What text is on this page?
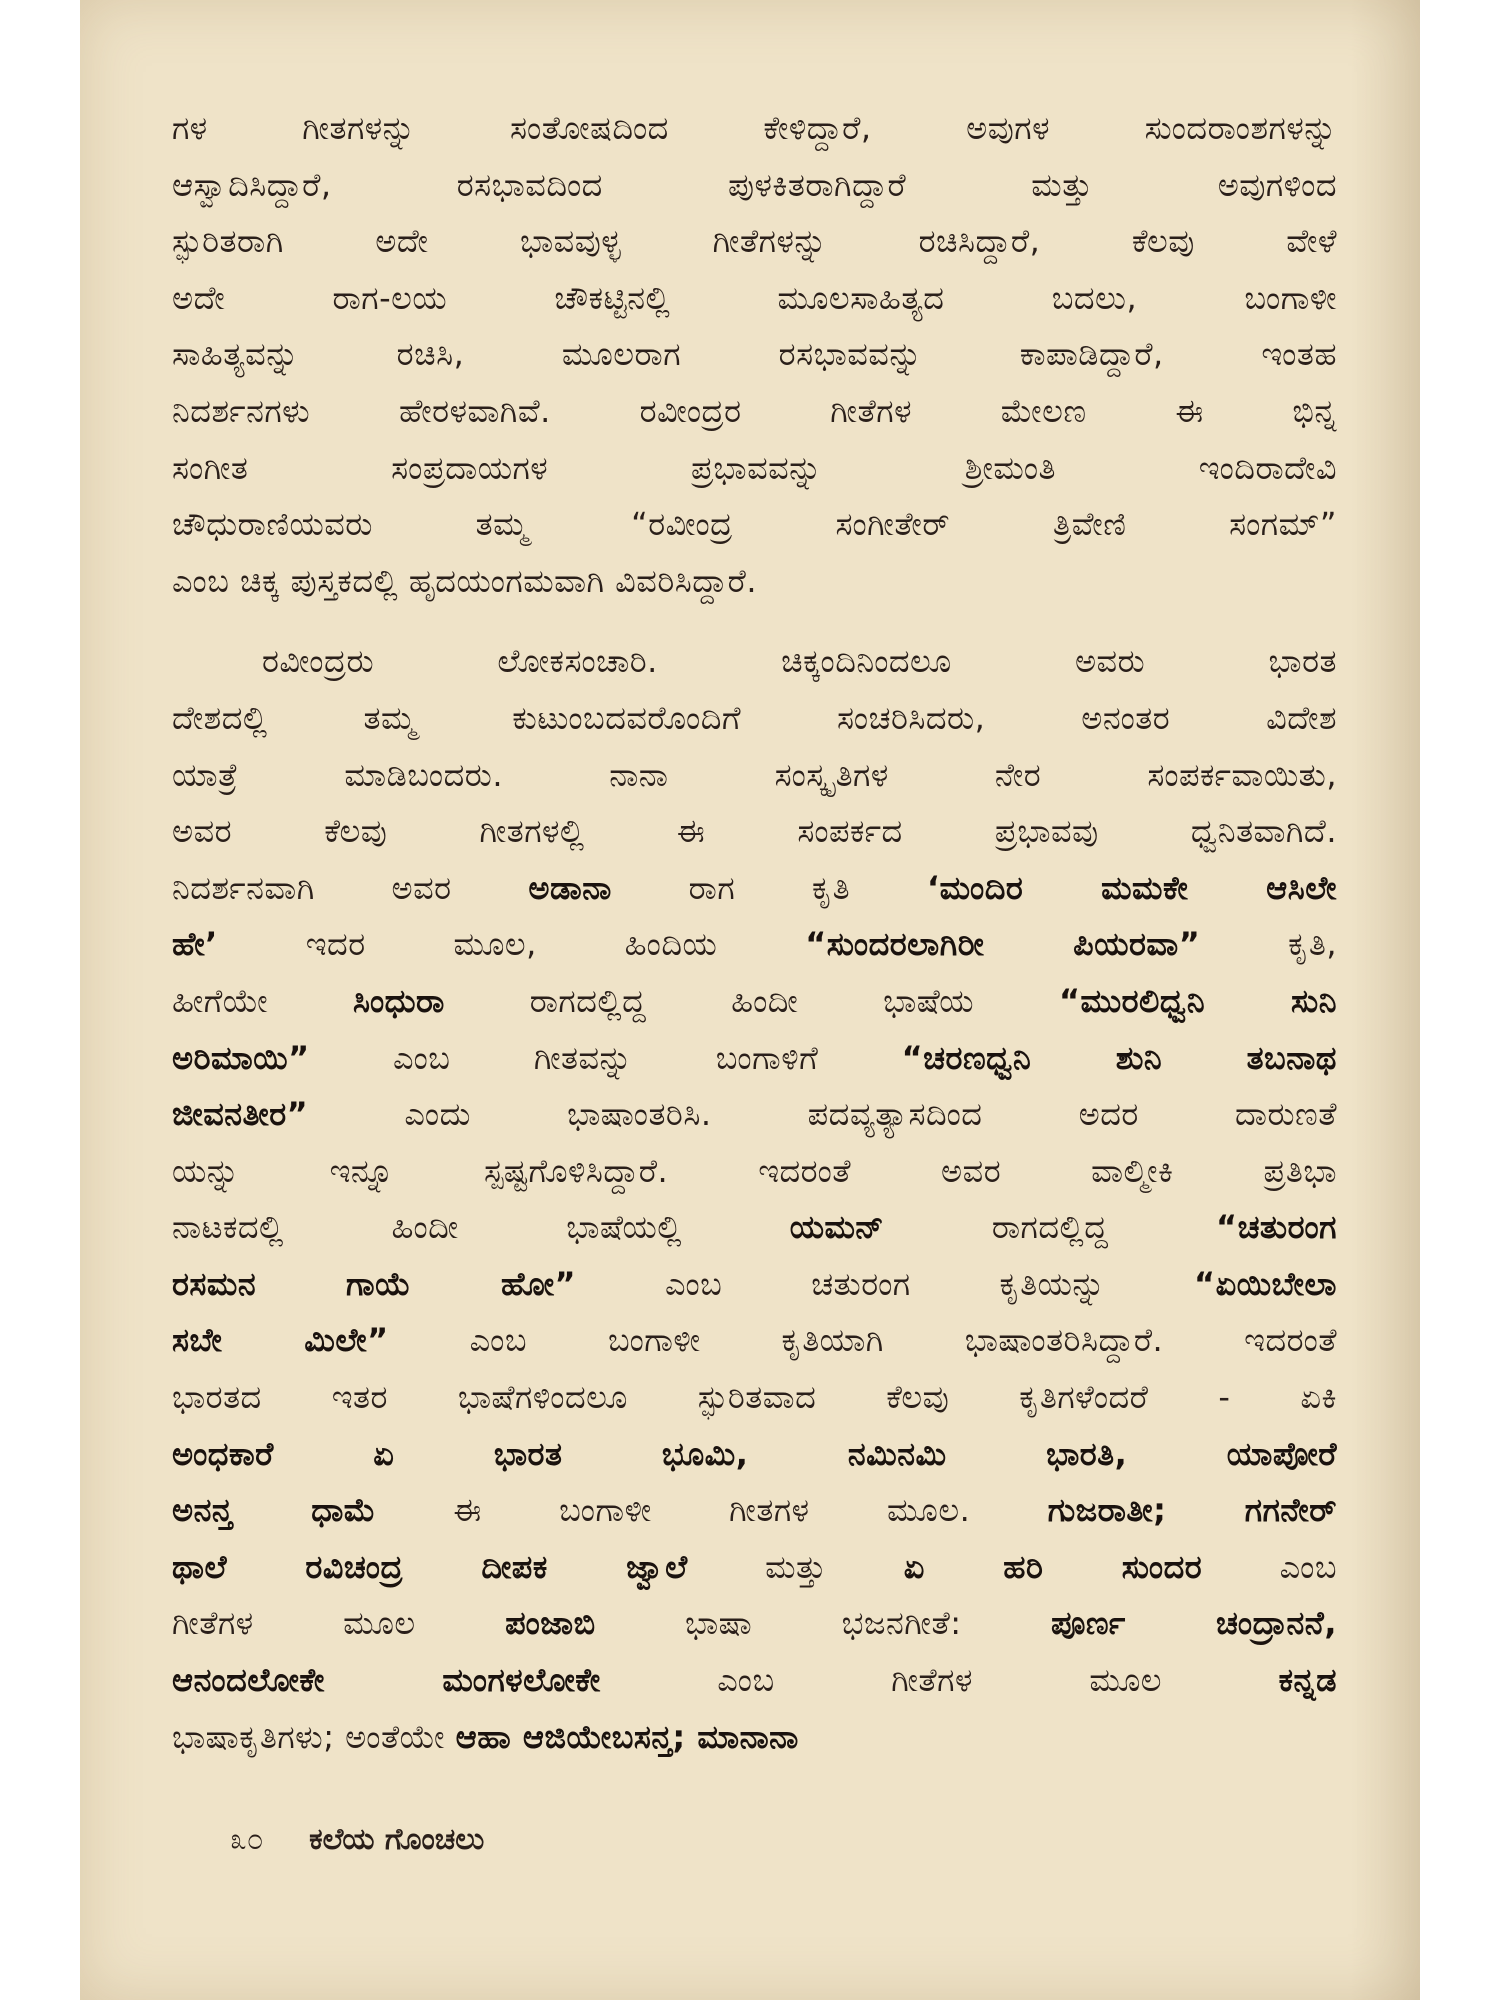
ಗಳ ಗೀತಗಳನ್ನು ಸಂತೋಷದಿಂದ ಕೇಳಿದ್ದಾರೆ, ಅವುಗಳ ಸುಂದರಾಂಶಗಳನ್ನು
ಆಸ್ವಾದಿಸಿದ್ದಾರೆ, ರಸಭಾವದಿಂದ ಪುಳಕಿತರಾಗಿದ್ದಾರೆ ಮತ್ತು ಅವುಗಳಿಂದ
ಸ್ಫುರಿತರಾಗಿ ಅದೇ ಭಾವವುಳ್ಳ ಗೀತೆಗಳನ್ನು ರಚಿಸಿದ್ದಾರೆ, ಕೆಲವು ವೇಳೆ
ಅದೇ ರಾಗ-ಲಯ ಚೌಕಟ್ಟಿನಲ್ಲಿ ಮೂಲಸಾಹಿತ್ಯದ ಬದಲು, ಬಂಗಾಳೀ
ಸಾಹಿತ್ಯವನ್ನು ರಚಿಸಿ, ಮೂಲರಾಗ ರಸಭಾವವನ್ನು ಕಾಪಾಡಿದ್ದಾರೆ, ಇಂತಹ
ನಿದರ್ಶನಗಳು ಹೇರಳವಾಗಿವೆ. ರವೀಂದ್ರರ ಗೀತೆಗಳ ಮೇಲಣ ಈ ಭಿನ್ನ
ಸಂಗೀತ ಸಂಪ್ರದಾಯಗಳ ಪ್ರಭಾವವನ್ನು ಶ್ರೀಮಂತಿ ಇಂದಿರಾದೇವಿ
ಚೌಧುರಾಣಿಯವರು ತಮ್ಮ “ರವೀಂದ್ರ ಸಂಗೀತೇರ್ ತ್ರಿವೇಣಿ ಸಂಗಮ್”
ಎಂಬ ಚಿಕ್ಕ ಪುಸ್ತಕದಲ್ಲಿ ಹೃದಯಂಗಮವಾಗಿ ವಿವರಿಸಿದ್ದಾರೆ.
ರವೀಂದ್ರರು ಲೋಕಸಂಚಾರಿ. ಚಿಕ್ಕಂದಿನಿಂದಲೂ ಅವರು ಭಾರತ
ದೇಶದಲ್ಲಿ ತಮ್ಮ ಕುಟುಂಬದವರೊಂದಿಗೆ ಸಂಚರಿಸಿದರು, ಅನಂತರ ವಿದೇಶ
ಯಾತ್ರೆ ಮಾಡಿಬಂದರು. ನಾನಾ ಸಂಸ್ಕೃತಿಗಳ ನೇರ ಸಂಪರ್ಕವಾಯಿತು,
ಅವರ ಕೆಲವು ಗೀತಗಳಲ್ಲಿ ಈ ಸಂಪರ್ಕದ ಪ್ರಭಾವವು ಧ್ವನಿತವಾಗಿದೆ.
ನಿದರ್ಶನವಾಗಿ ಅವರ ಅಡಾನಾ ರಾಗ ಕೃತಿ ‘ಮಂದಿರ ಮಮಕೇ ಆಸಿಲೇ
ಹೇ’ ಇದರ ಮೂಲ, ಹಿಂದಿಯ “ಸುಂದರಲಾಗಿರೀ ಪಿಯರವಾ” ಕೃತಿ,
ಹೀಗೆಯೇ ಸಿಂಧುರಾ ರಾಗದಲ್ಲಿದ್ದ ಹಿಂದೀ ಭಾಷೆಯ “ಮುರಲಿಧ್ವನಿ ಸುನಿ
ಅರಿಮಾಯಿ” ಎಂಬ ಗೀತವನ್ನು ಬಂಗಾಳಿಗೆ “ಚರಣಧ್ವನಿ ಶುನಿ ತಬನಾಥ
ಜೀವನತೀರ” ಎಂದು ಭಾಷಾಂತರಿಸಿ. ಪದವ್ಯತ್ಯಾಸದಿಂದ ಅದರ ದಾರುಣತೆ
ಯನ್ನು ಇನ್ನೂ ಸ್ಪಷ್ಟಗೊಳಿಸಿದ್ದಾರೆ. ಇದರಂತೆ ಅವರ ವಾಲ್ಮೀಕಿ ಪ್ರತಿಭಾ
ನಾಟಕದಲ್ಲಿ ಹಿಂದೀ ಭಾಷೆಯಲ್ಲಿ ಯಮನ್ ರಾಗದಲ್ಲಿದ್ದ “ಚತುರಂಗ
ರಸಮನ ಗಾಯೆ ಹೋ” ಎಂಬ ಚತುರಂಗ ಕೃತಿಯನ್ನು “ಏಯಿಬೇಲಾ
ಸಬೇ ಮಿಲೇ” ಎಂಬ ಬಂಗಾಳೀ ಕೃತಿಯಾಗಿ ಭಾಷಾಂತರಿಸಿದ್ದಾರೆ. ಇದರಂತೆ
ಭಾರತದ ಇತರ ಭಾಷೆಗಳಿಂದಲೂ ಸ್ಫುರಿತವಾದ ಕೆಲವು ಕೃತಿಗಳೆಂದರೆ - ಏಕಿ
ಅಂಧಕಾರೆ ಏ ಭಾರತ ಭೂಮಿ, ನಮಿನಮಿ ಭಾರತಿ, ಯಾಪೋರೆ
ಅನನ್ತ ಧಾಮೆ ಈ ಬಂಗಾಳೀ ಗೀತಗಳ ಮೂಲ. ಗುಜರಾತೀ; ಗಗನೇರ್
ಥಾಲೆ ರವಿಚಂದ್ರ ದೀಪಕ ಜ್ವಾಲೆ ಮತ್ತು ಏ ಹರಿ ಸುಂದರ ಎಂಬ
ಗೀತೆಗಳ ಮೂಲ ಪಂಜಾಬಿ ಭಾಷಾ ಭಜನಗೀತೆ: ಪೂರ್ಣ ಚಂದ್ರಾನನೆ,
ಆನಂದಲೋಕೇ ಮಂಗಳಲೋಕೇ ಎಂಬ ಗೀತೆಗಳ ಮೂಲ ಕನ್ನಡ
ಭಾಷಾಕೃತಿಗಳು; ಅಂತೆಯೇ ಆಹಾ ಆಜಿಯೇಬಸನ್ತ; ಮಾನಾನಾ
೩೦ ಕಲೆಯ ಗೊಂಚಲು
